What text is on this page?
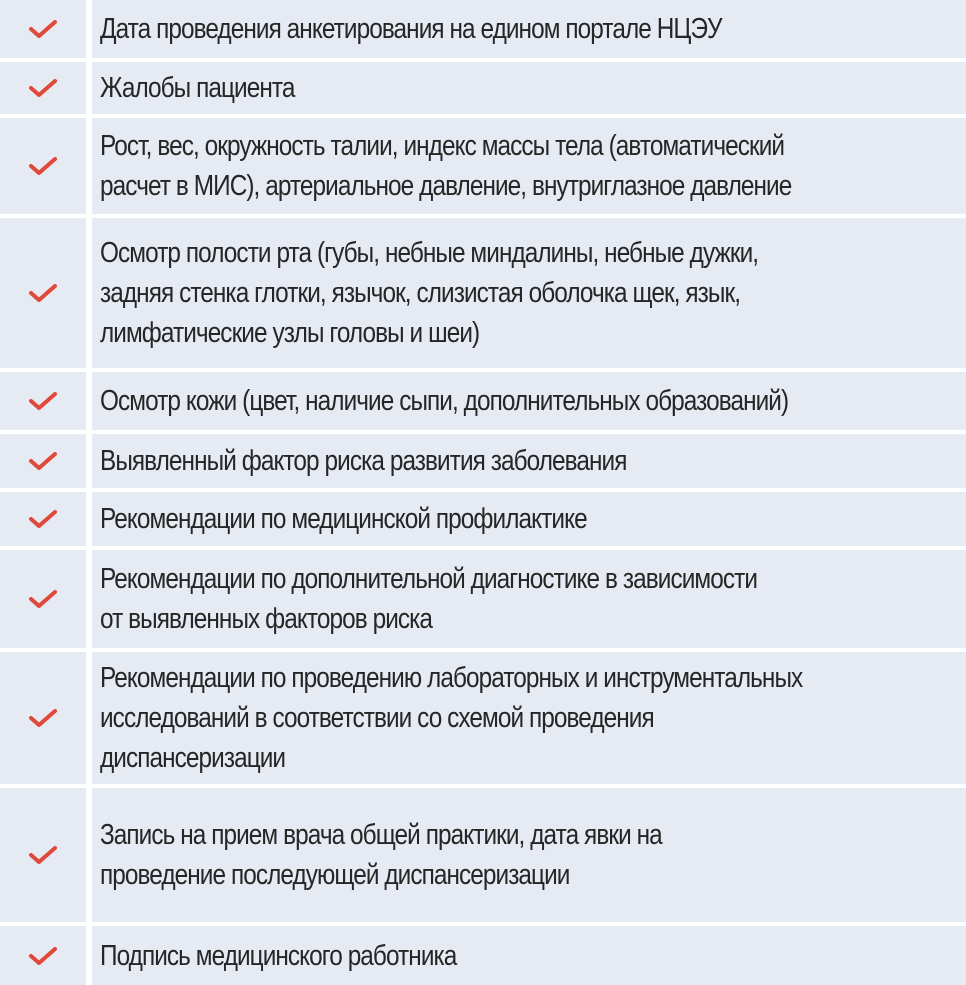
Дата проведения анкетирования на едином портале НЦЭУ
Жалобы пациента
Рост, вес, окружность талии, индекс массы тела (автоматический
расчет в МИС), артериальное давление, внутриглазное давление
Осмотр полости рта (губы, небные миндалины, небные дужки,
задняя стенка глотки, язычок, слизистая оболочка щек, язык,
лимфатические узлы головы и шеи)
Осмотр кожи (цвет, наличие сыпи, дополнительных образований)
Выявленный фактор риска развития заболевания
Рекомендации по медицинской профилактике
Рекомендации по дополнительной диагностике в зависимости
от выявленных факторов риска
Рекомендации по проведению лабораторных и инструментальных
исследований в соответствии со схемой проведения
диспансеризации
Запись на прием врача общей практики, дата явки на
проведение последующей диспансеризации
Подпись медицинского работника
